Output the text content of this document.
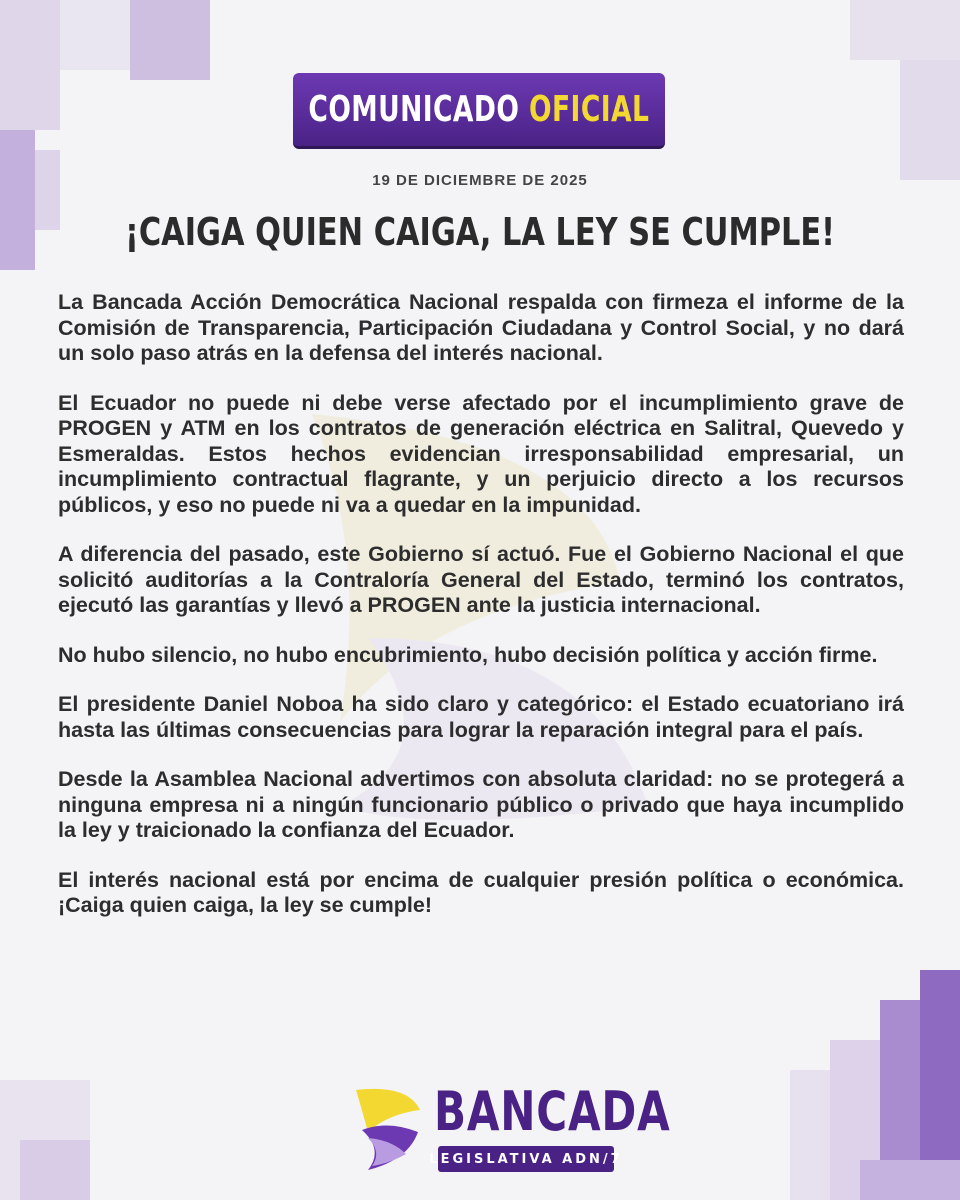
COMUNICADO OFICIAL
19 DE DICIEMBRE DE 2025
¡CAIGA QUIEN CAIGA, LA LEY SE CUMPLE!

La Bancada Acción Democrática Nacional respalda con firmeza el informe de la Comisión de Transparencia, Participación Ciudadana y Control Social, y no dará un solo paso atrás en la defensa del interés nacional.

El Ecuador no puede ni debe verse afectado por el incumplimiento grave de PROGEN y ATM en los contratos de generación eléctrica en Salitral, Quevedo y Esmeraldas. Estos hechos evidencian irresponsabilidad empresarial, un incumplimiento contractual flagrante, y un perjuicio directo a los recursos públicos, y eso no puede ni va a quedar en la impunidad.

A diferencia del pasado, este Gobierno sí actuó. Fue el Gobierno Nacional el que solicitó auditorías a la Contraloría General del Estado, terminó los contratos, ejecutó las garantías y llevó a PROGEN ante la justicia internacional.

No hubo silencio, no hubo encubrimiento, hubo decisión política y acción firme.

El presidente Daniel Noboa ha sido claro y categórico: el Estado ecuatoriano irá hasta las últimas consecuencias para lograr la reparación integral para el país.

Desde la Asamblea Nacional advertimos con absoluta claridad: no se protegerá a ninguna empresa ni a ningún funcionario público o privado que haya incumplido la ley y traicionado la confianza del Ecuador.

El interés nacional está por encima de cualquier presión política o económica. ¡Caiga quien caiga, la ley se cumple!

BANCADA
LEGISLATIVA ADN/7
